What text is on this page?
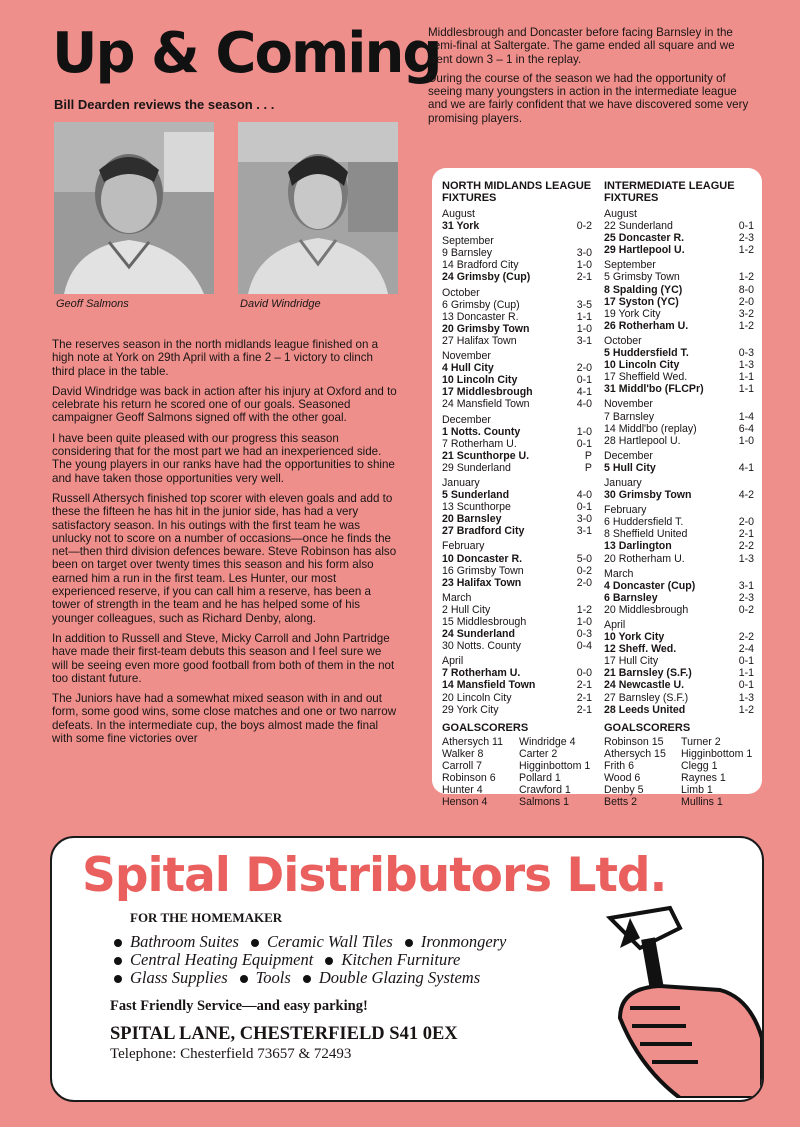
Up & Coming
Bill Dearden reviews the season . . .
Geoff Salmons	David Windridge

The reserves season in the north midlands league finished on a high note at York on 29th April with a fine 2 – 1 victory to clinch third place in the table.

David Windridge was back in action after his injury at Oxford and to celebrate his return he scored one of our goals. Seasoned campaigner Geoff Salmons signed off with the other goal.

I have been quite pleased with our progress this season considering that for the most part we had an inexperienced side. The young players in our ranks have had the opportunities to shine and have taken those opportunities very well.

Russell Athersych finished top scorer with eleven goals and add to these the fifteen he has hit in the junior side, has had a very satisfactory season. In his outings with the first team he was unlucky not to score on a number of occasions—once he finds the net—then third division defences beware. Steve Robinson has also been on target over twenty times this season and his form also earned him a run in the first team. Les Hunter, our most experienced reserve, if you can call him a reserve, has been a tower of strength in the team and he has helped some of his younger colleagues, such as Richard Denby, along.

In addition to Russell and Steve, Micky Carroll and John Partridge have made their first-team debuts this season and I feel sure we will be seeing even more good football from both of them in the not too distant future.

The Juniors have had a somewhat mixed season with in and out form, some good wins, some close matches and one or two narrow defeats. In the intermediate cup, the boys almost made the final with some fine victories over

Middlesbrough and Doncaster before facing Barnsley in the semi-final at Saltergate. The game ended all square and we went down 3 – 1 in the replay.

During the course of the season we had the opportunity of seeing many youngsters in action in the intermediate league and we are fairly confident that we have discovered some very promising players.

NORTH MIDLANDS LEAGUE FIXTURES
August
31 York	0-2
September
9 Barnsley	3-0
14 Bradford City	1-0
24 Grimsby (Cup)	2-1
October
6 Grimsby (Cup)	3-5
13 Doncaster R.	1-1
20 Grimsby Town	1-0
27 Halifax Town	3-1
November
4 Hull City	2-0
10 Lincoln City	0-1
17 Middlesbrough	4-1
24 Mansfield Town	4-0
December
1 Notts. County	1-0
7 Rotherham U.	0-1
21 Scunthorpe U.	P
29 Sunderland	P
January
5 Sunderland	4-0
13 Scunthorpe	0-1
20 Barnsley	3-0
27 Bradford City	3-1
February
10 Doncaster R.	5-0
16 Grimsby Town	0-2
23 Halifax Town	2-0
March
2 Hull City	1-2
15 Middlesbrough	1-0
24 Sunderland	0-3
30 Notts. County	0-4
April
7 Rotherham U.	0-0
14 Mansfield Town	2-1
20 Lincoln City	2-1
29 York City	2-1
GOALSCORERS
Athersych 11	Windridge 4
Walker 8	Carter 2
Carroll 7	Higginbottom 1
Robinson 6	Pollard 1
Hunter 4	Crawford 1
Henson 4	Salmons 1
INTERMEDIATE LEAGUE FIXTURES
August
22 Sunderland	0-1
25 Doncaster R.	2-3
29 Hartlepool U.	1-2
September
5 Grimsby Town	1-2
8 Spalding (YC)	8-0
17 Syston (YC)	2-0
19 York City	3-2
26 Rotherham U.	1-2
October
5 Huddersfield T.	0-3
10 Lincoln City	1-3
17 Sheffield Wed.	1-1
31 Middl'bo (FLCPr)	1-1
November
7 Barnsley	1-4
14 Middl'bo (replay)	6-4
28 Hartlepool U.	1-0
December
5 Hull City	4-1
January
30 Grimsby Town	4-2
February
6 Huddersfield T.	2-0
8 Sheffield United	2-1
13 Darlington	2-2
20 Rotherham U.	1-3
March
4 Doncaster (Cup)	3-1
6 Barnsley	2-3
20 Middlesbrough	0-2
April
10 York City	2-2
12 Sheff. Wed.	2-4
17 Hull City	0-1
21 Barnsley (S.F.)	1-1
24 Newcastle U.	0-1
27 Barnsley (S.F.)	1-3
28 Leeds United	1-2
GOALSCORERS
Robinson 15	Turner 2
Athersych 15	Higginbottom 1
Frith 6	Clegg 1
Wood 6	Raynes 1
Denby 5	Limb 1
Betts 2	Mullins 1
Spital Distributors Ltd.
FOR THE HOMEMAKER
Bathroom Suites Ceramic Wall Tiles Ironmongery
Central Heating Equipment Kitchen Furniture
Glass Supplies Tools Double Glazing Systems
Fast Friendly Service—and easy parking!
SPITAL LANE, CHESTERFIELD S41 0EX
Telephone: Chesterfield 73657 & 72493
